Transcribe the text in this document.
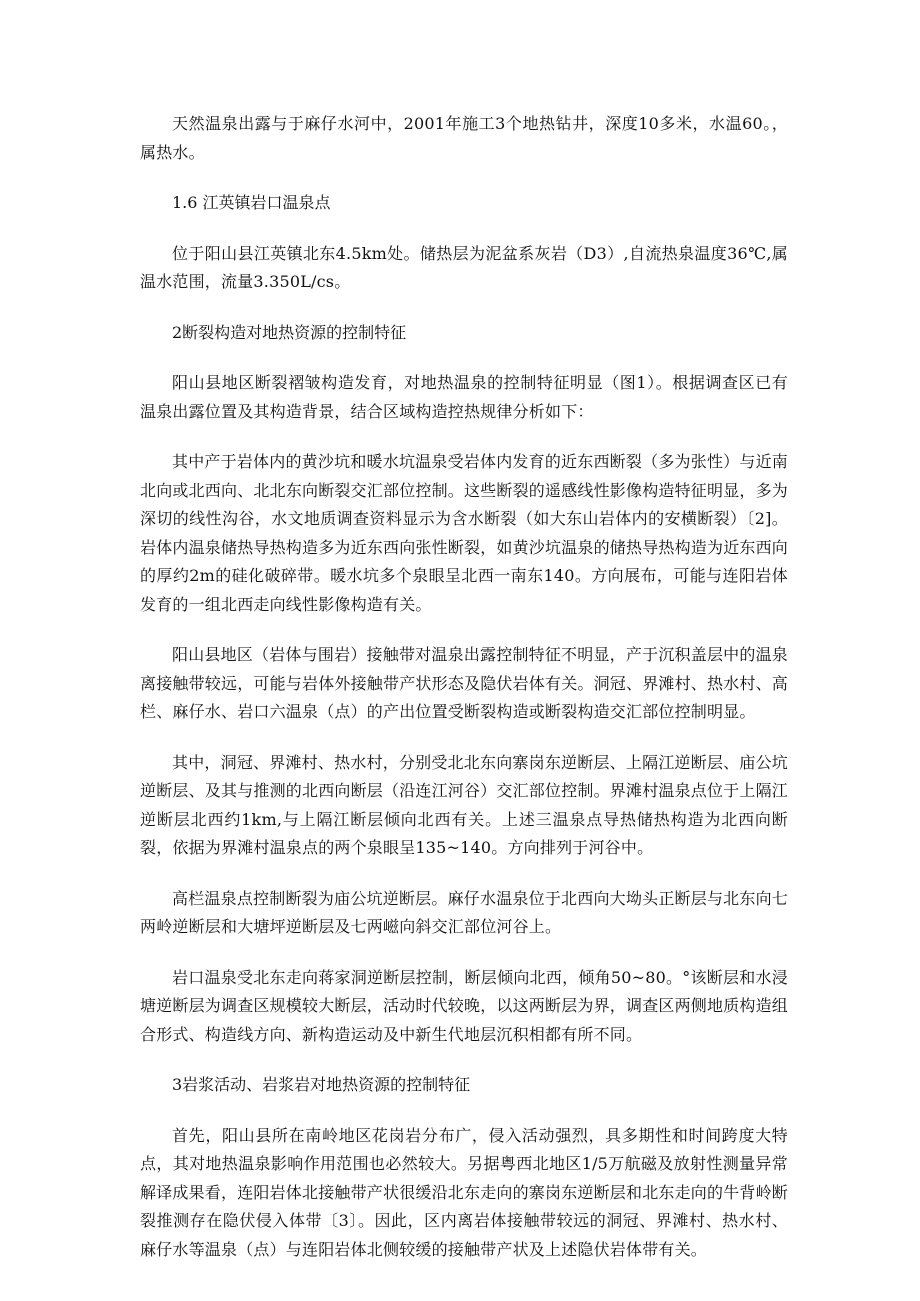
天然温泉出露与于麻仔水河中，2001年施工3个地热钻井，深度10多米，水温60。，属热水。

1.6 江英镇岩口温泉点

位于阳山县江英镇北东4.5km处。储热层为泥盆系灰岩（D3）,自流热泉温度36℃,属温水范围，流量3.350L/cs。

2断裂构造对地热资源的控制特征

阳山县地区断裂褶皱构造发育，对地热温泉的控制特征明显（图1）。根据调查区已有温泉出露位置及其构造背景，结合区域构造控热规律分析如下：

其中产于岩体内的黄沙坑和暖水坑温泉受岩体内发育的近东西断裂（多为张性）与近南北向或北西向、北北东向断裂交汇部位控制。这些断裂的遥感线性影像构造特征明显，多为深切的线性沟谷，水文地质调查资料显示为含水断裂（如大东山岩体内的安横断裂）〔2]。岩体内温泉储热导热构造多为近东西向张性断裂，如黄沙坑温泉的储热导热构造为近东西向的厚约2m的硅化破碎带。暖水坑多个泉眼呈北西一南东140。方向展布，可能与连阳岩体发育的一组北西走向线性影像构造有关。

阳山县地区（岩体与围岩）接触带对温泉出露控制特征不明显，产于沉积盖层中的温泉离接触带较远，可能与岩体外接触带产状形态及隐伏岩体有关。洞冠、界滩村、热水村、高栏、麻仔水、岩口六温泉（点）的产出位置受断裂构造或断裂构造交汇部位控制明显。

其中，洞冠、界滩村、热水村，分别受北北东向寨岗东逆断层、上隔江逆断层、庙公坑逆断层、及其与推测的北西向断层（沿连江河谷）交汇部位控制。界滩村温泉点位于上隔江逆断层北西约1km,与上隔江断层倾向北西有关。上述三温泉点导热储热构造为北西向断裂，依据为界滩村温泉点的两个泉眼呈135~140。方向排列于河谷中。

高栏温泉点控制断裂为庙公坑逆断层。麻仔水温泉位于北西向大坳头正断层与北东向七两岭逆断层和大塘坪逆断层及七两嵫向斜交汇部位河谷上。

岩口温泉受北东走向蒋家洞逆断层控制，断层倾向北西，倾角50~80。°该断层和水浸塘逆断层为调查区规模较大断层，活动时代较晚，以这两断层为界，调查区两侧地质构造组合形式、构造线方向、新构造运动及中新生代地层沉积相都有所不同。

3岩浆活动、岩浆岩对地热资源的控制特征

首先，阳山县所在南岭地区花岗岩分布广，侵入活动强烈，具多期性和时间跨度大特点，其对地热温泉影响作用范围也必然较大。另据粤西北地区1/5万航磁及放射性测量异常解译成果看，连阳岩体北接触带产状很缓沿北东走向的寨岗东逆断层和北东走向的牛背岭断裂推测存在隐伏侵入体带〔3〕。因此，区内离岩体接触带较远的洞冠、界滩村、热水村、麻仔水等温泉（点）与连阳岩体北侧较缓的接触带产状及上述隐伏岩体带有关。
